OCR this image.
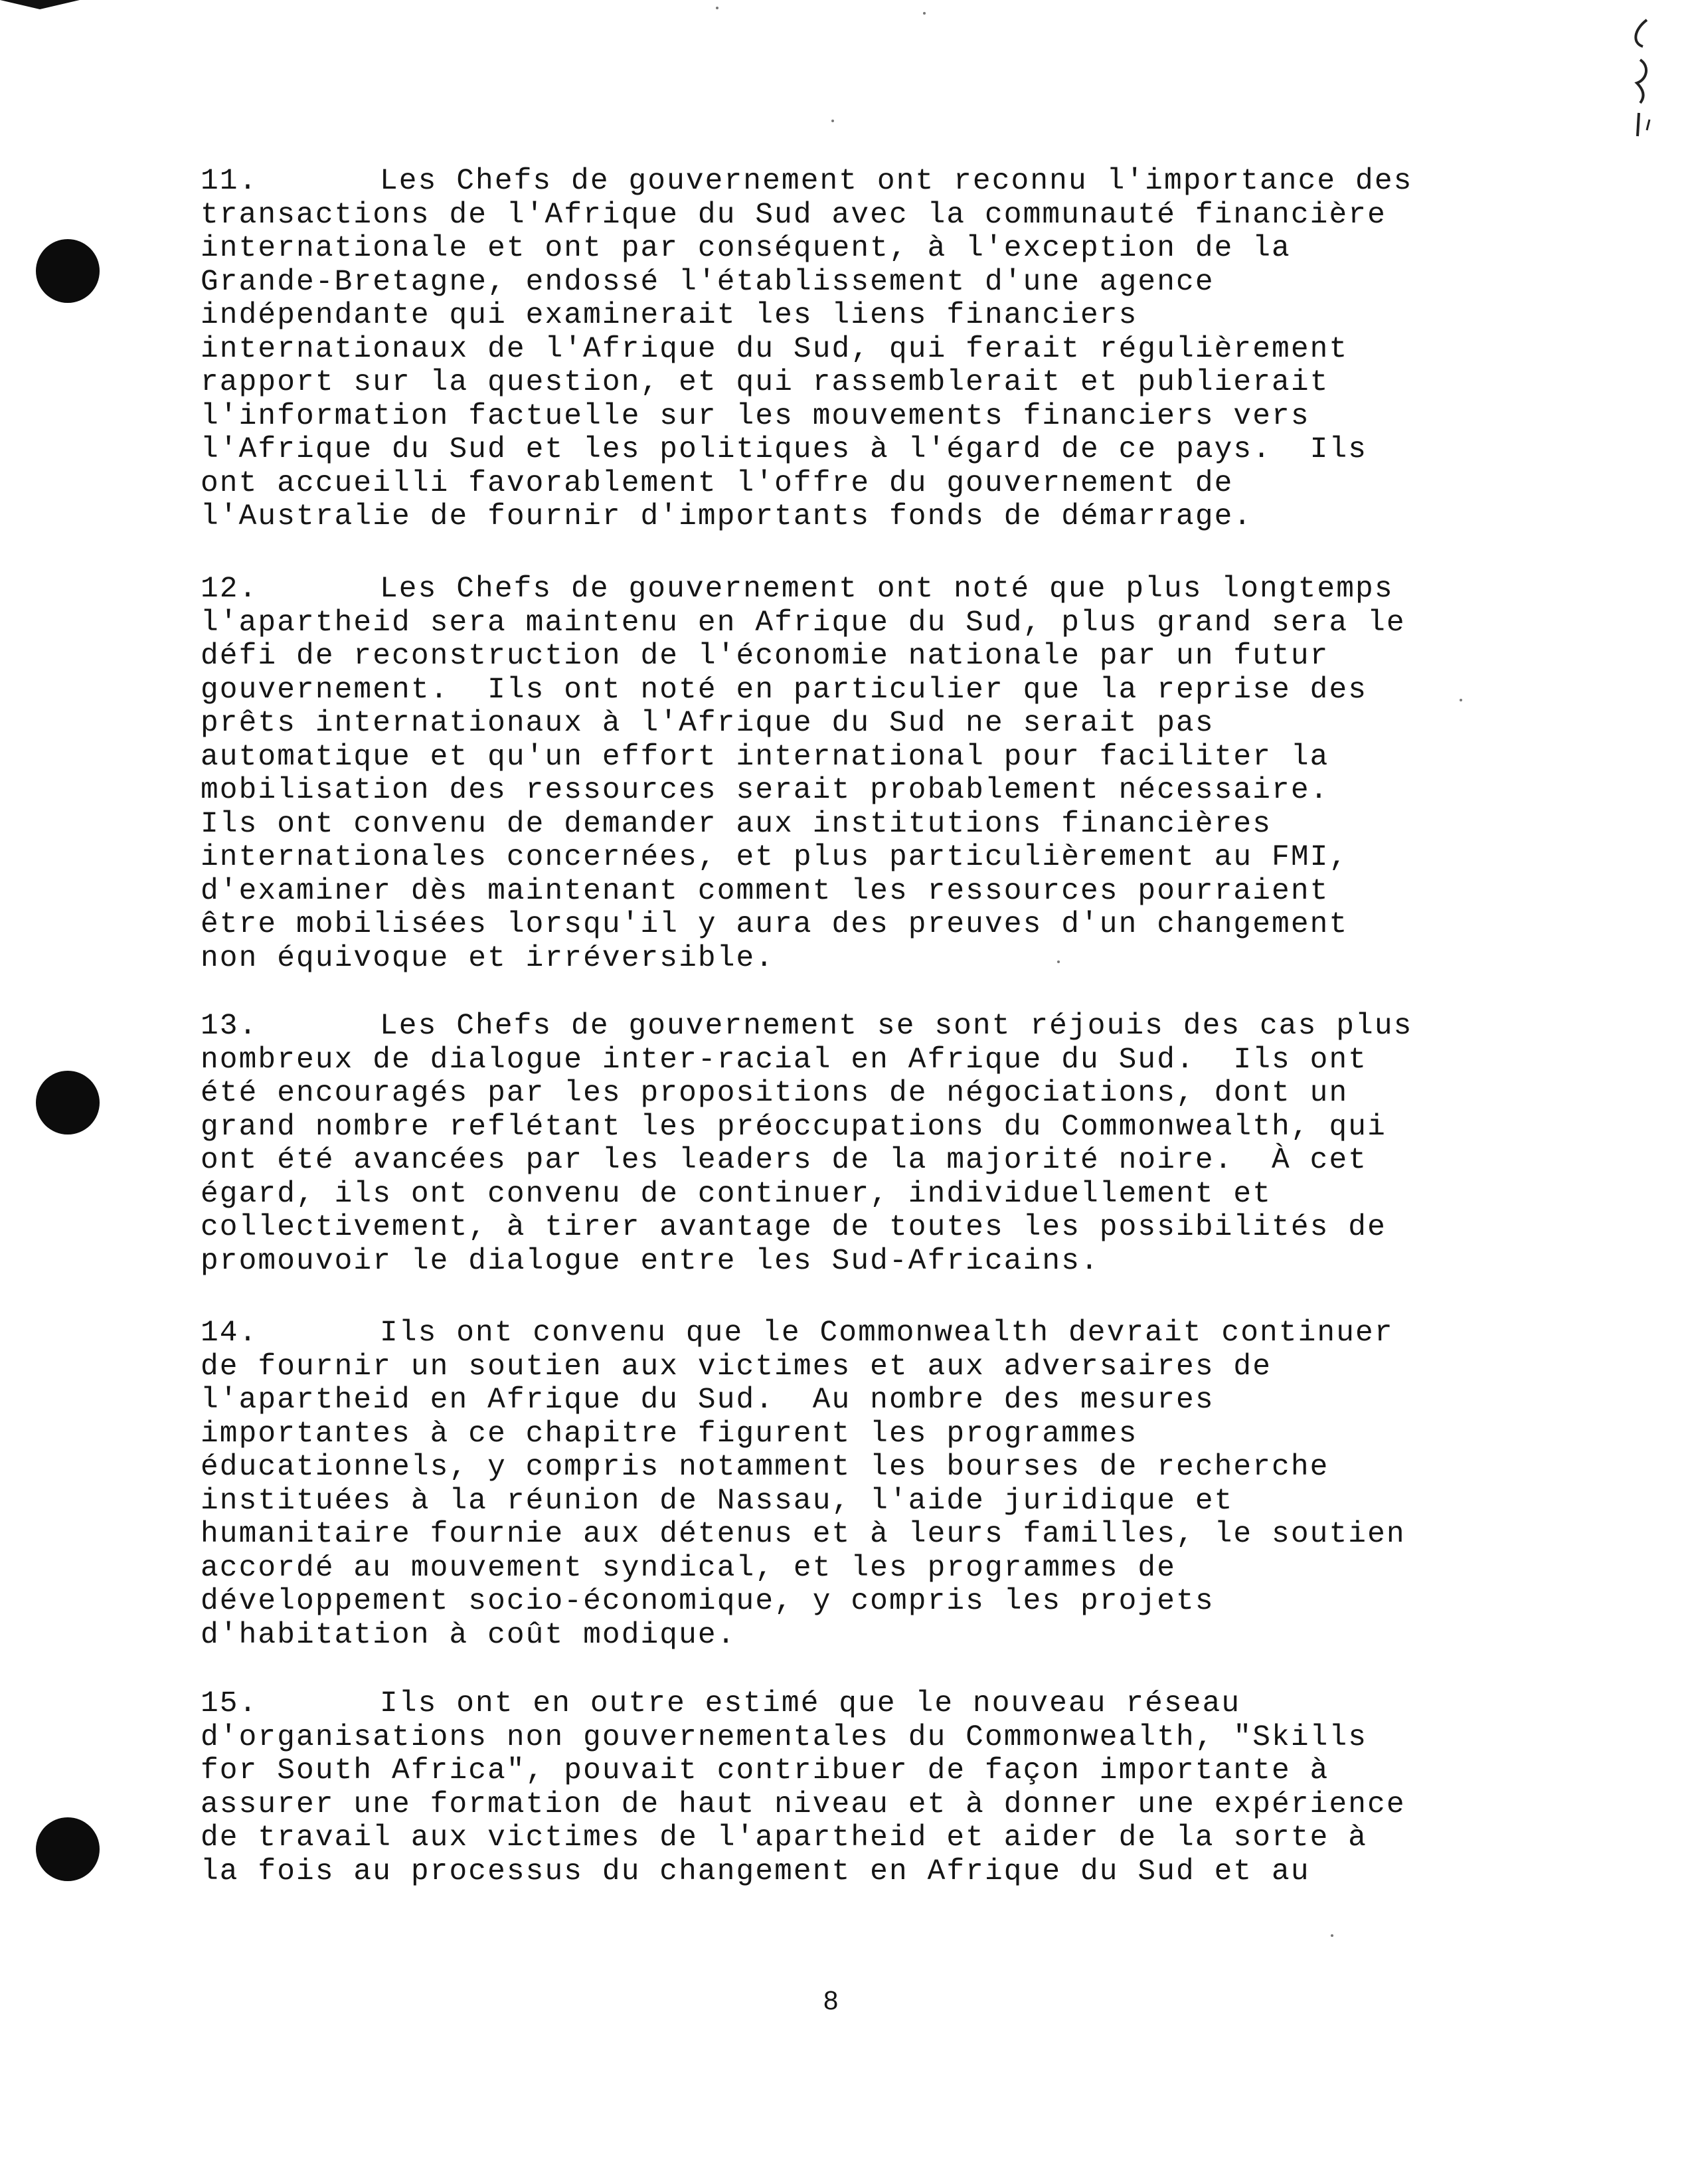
11.	Les Chefs de gouvernement ont reconnu l'importance des
transactions de l'Afrique du Sud avec la communauté financière
internationale et ont par conséquent, à l'exception de la
Grande-Bretagne, endossé l'établissement d'une agence
indépendante qui examinerait les liens financiers
internationaux de l'Afrique du Sud, qui ferait régulièrement
rapport sur la question, et qui rassemblerait et publierait
l'information factuelle sur les mouvements financiers vers
l'Afrique du Sud et les politiques à l'égard de ce pays.  Ils
ont accueilli favorablement l'offre du gouvernement de
l'Australie de fournir d'importants fonds de démarrage.
12.	Les Chefs de gouvernement ont noté que plus longtemps
l'apartheid sera maintenu en Afrique du Sud, plus grand sera le
défi de reconstruction de l'économie nationale par un futur
gouvernement.  Ils ont noté en particulier que la reprise des
prêts internationaux à l'Afrique du Sud ne serait pas
automatique et qu'un effort international pour faciliter la
mobilisation des ressources serait probablement nécessaire.
Ils ont convenu de demander aux institutions financières
internationales concernées, et plus particulièrement au FMI,
d'examiner dès maintenant comment les ressources pourraient
être mobilisées lorsqu'il y aura des preuves d'un changement
non équivoque et irréversible.
13.	Les Chefs de gouvernement se sont réjouis des cas plus
nombreux de dialogue inter-racial en Afrique du Sud.  Ils ont
été encouragés par les propositions de négociations, dont un
grand nombre reflétant les préoccupations du Commonwealth, qui
ont été avancées par les leaders de la majorité noire.  À cet
égard, ils ont convenu de continuer, individuellement et
collectivement, à tirer avantage de toutes les possibilités de
promouvoir le dialogue entre les Sud-Africains.
14.	Ils ont convenu que le Commonwealth devrait continuer
de fournir un soutien aux victimes et aux adversaires de
l'apartheid en Afrique du Sud.  Au nombre des mesures
importantes à ce chapitre figurent les programmes
éducationnels, y compris notamment les bourses de recherche
instituées à la réunion de Nassau, l'aide juridique et
humanitaire fournie aux détenus et à leurs familles, le soutien
accordé au mouvement syndical, et les programmes de
développement socio-économique, y compris les projets
d'habitation à coût modique.
15.	Ils ont en outre estimé que le nouveau réseau
d'organisations non gouvernementales du Commonwealth, "Skills
for South Africa", pouvait contribuer de façon importante à
assurer une formation de haut niveau et à donner une expérience
de travail aux victimes de l'apartheid et aider de la sorte à
la fois au processus du changement en Afrique du Sud et au
8
